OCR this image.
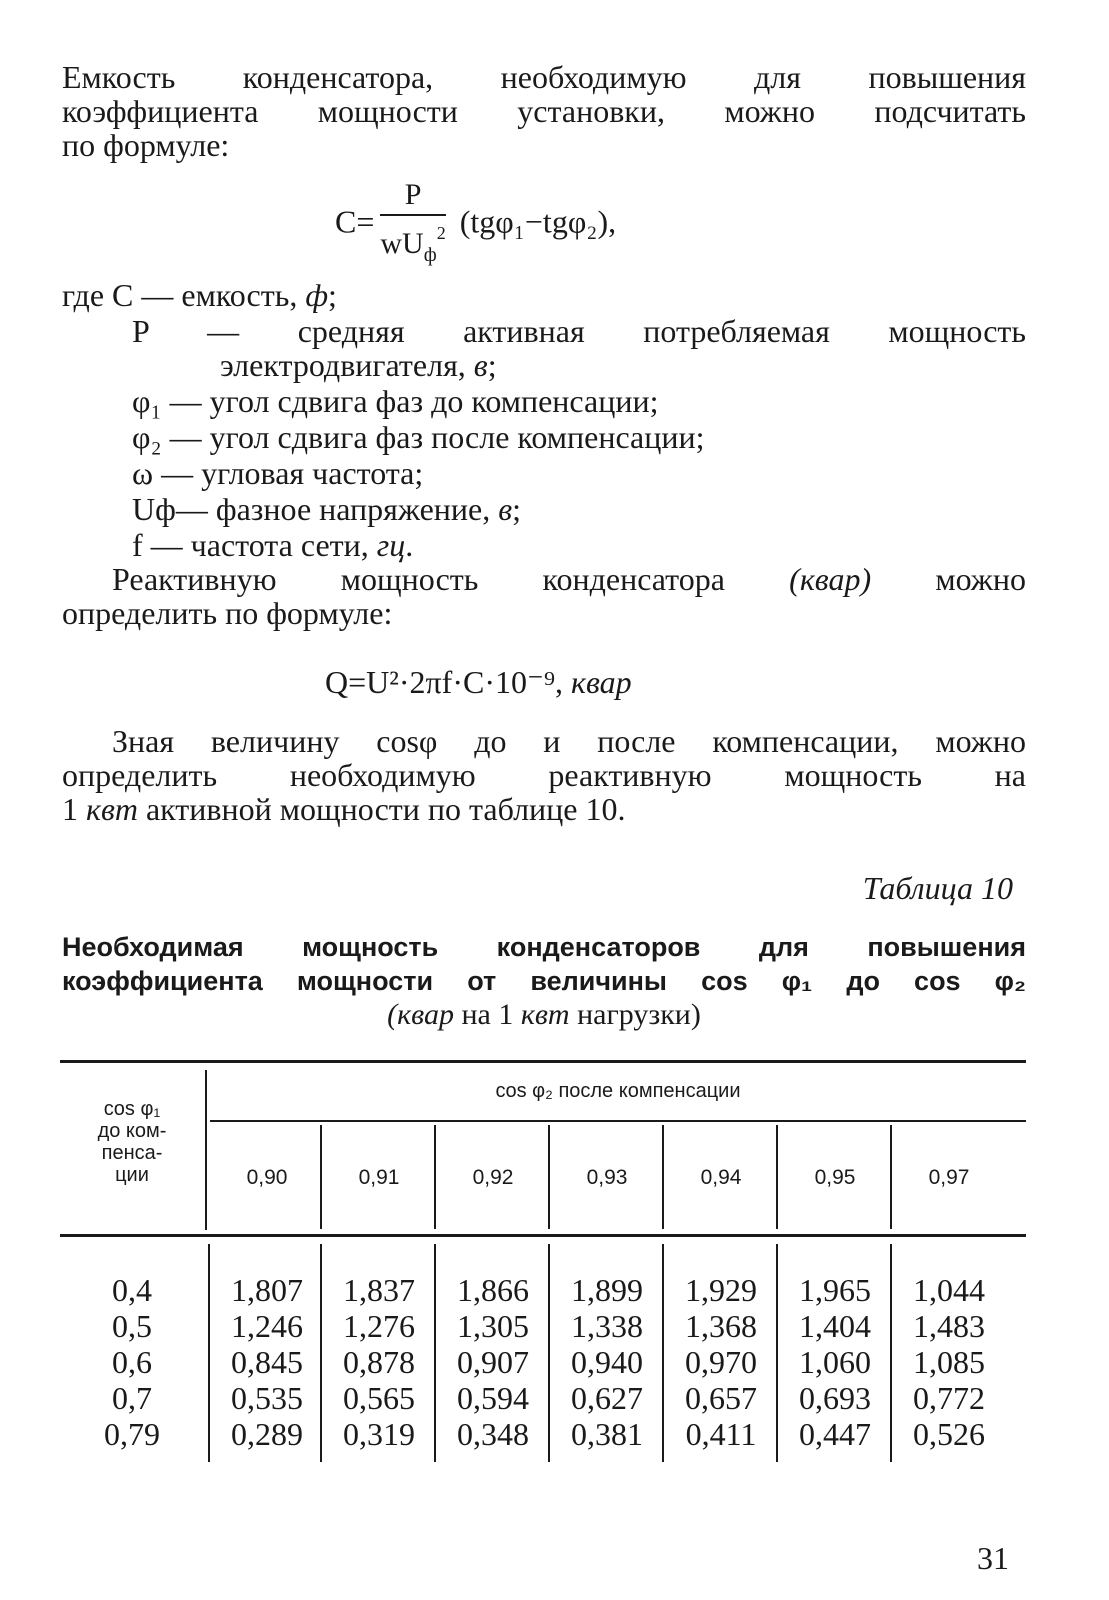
Емкость конденсатора, необходимую для повышения
коэффициента мощности установки, можно подсчитать
по формуле:

$C= \frac{P}{wU_ф^2} (tg\varphi_1-tg\varphi_2)$,
где C — емкость, ф;
P — средняя активная потребляемая мощность
электродвигателя, в;
φ₁ — угол сдвига фаз до компенсации;
φ₂ — угол сдвига фаз после компенсации;
ω — угловая частота;
Uф— фазное напряжение, в;
f — частота сети, гц.

Реактивную мощность конденсатора (квар) можно
определить по формуле:

Q=U²·2πf·C·10⁻⁹, квар

Зная величину cosφ до и после компенсации, можно
определить необходимую реактивную мощность на
1 квт активной мощности по таблице 10.

Таблица 10

Необходимая мощность конденсаторов для повышения
коэффициента мощности от величины cos φ₁ до cos φ₂
(квар на 1 квт нагрузки)

cos φ₁
до ком-
пенса-
ции
cos φ₂ после компенсации
0,90	0,91	0,92	0,93	0,94	0,95	0,97
0,4	1,807	1,837	1,866	1,899	1,929	1,965	1,044
0,5	1,246	1,276	1,305	1,338	1,368	1,404	1,483
0,6	0,845	0,878	0,907	0,940	0,970	1,060	1,085
0,7	0,535	0,565	0,594	0,627	0,657	0,693	0,772
0,79	0,289	0,319	0,348	0,381	0,411	0,447	0,526
31
